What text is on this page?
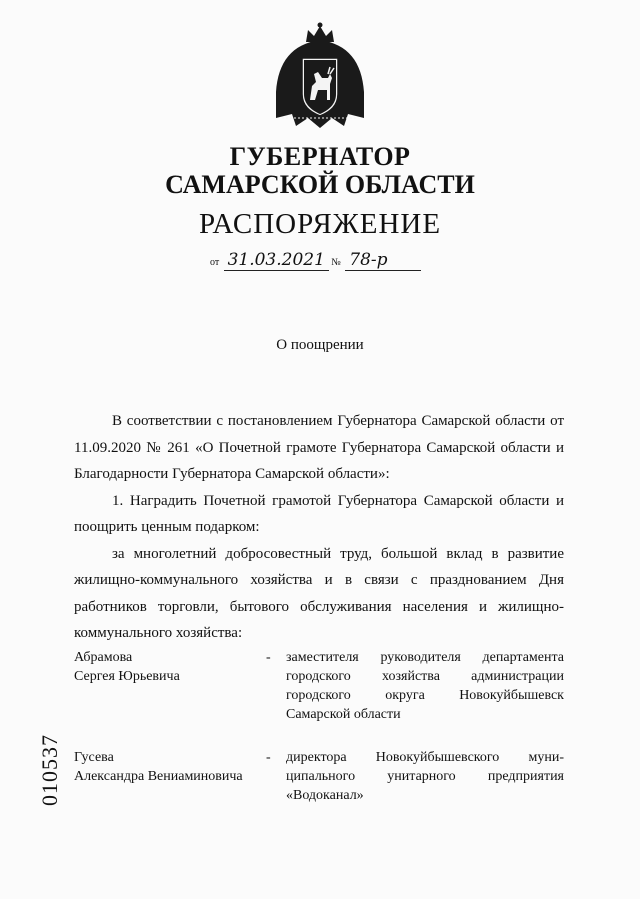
ГУБЕРНАТОР
САМАРСКОЙ ОБЛАСТИ
РАСПОРЯЖЕНИЕ
от 31.03.2021 № 78-р
О поощрении

В соответствии с постановлением Губернатора Самарской области от 11.09.2020 № 261 «О Почетной грамоте Губернатора Самарской области и Благодарности Губернатора Самарской области»:

1. Наградить Почетной грамотой Губернатора Самарской области и поощрить ценным подарком:

за многолетний добросовестный труд, большой вклад в развитие жилищно-коммунального хозяйства и в связи с празднованием Дня работников торговли, бытового обслуживания населения и жилищно-коммунального хозяйства:

Абрамова
Сергея Юрьевича
-	заместителя руководителя департамента городского хозяйства администрации городского округа Новокуйбышевск Самарской области
Гусева
Александра Вениаминовича
-	директора Новокуйбышевского муни-ципального унитарного предприятия «Водоканал»
010537
